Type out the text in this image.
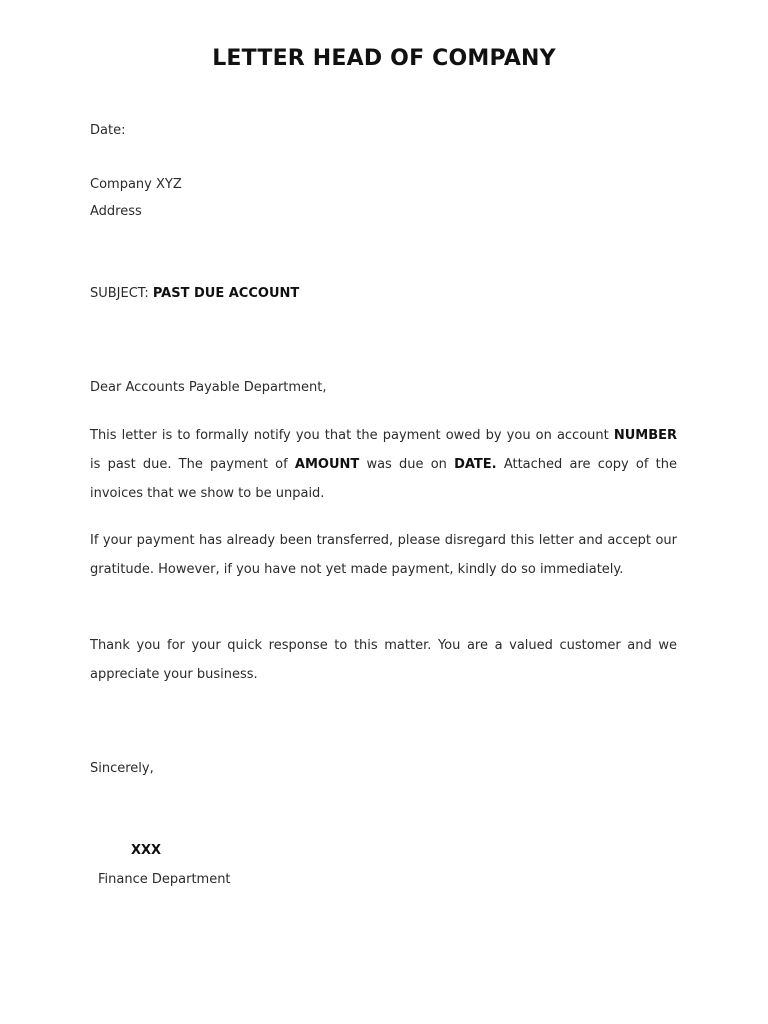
LETTER HEAD OF COMPANY
Date:
Company XYZ
Address
SUBJECT: PAST DUE ACCOUNT
Dear Accounts Payable Department,
This letter is to formally notify you that the payment owed by you on account NUMBER is past due. The payment of AMOUNT was due on DATE. Attached are copy of the invoices that we show to be unpaid.
If your payment has already been transferred, please disregard this letter and accept our gratitude. However, if you have not yet made payment, kindly do so immediately.
Thank you for your quick response to this matter. You are a valued customer and we appreciate your business.
Sincerely,
XXX
Finance Department
